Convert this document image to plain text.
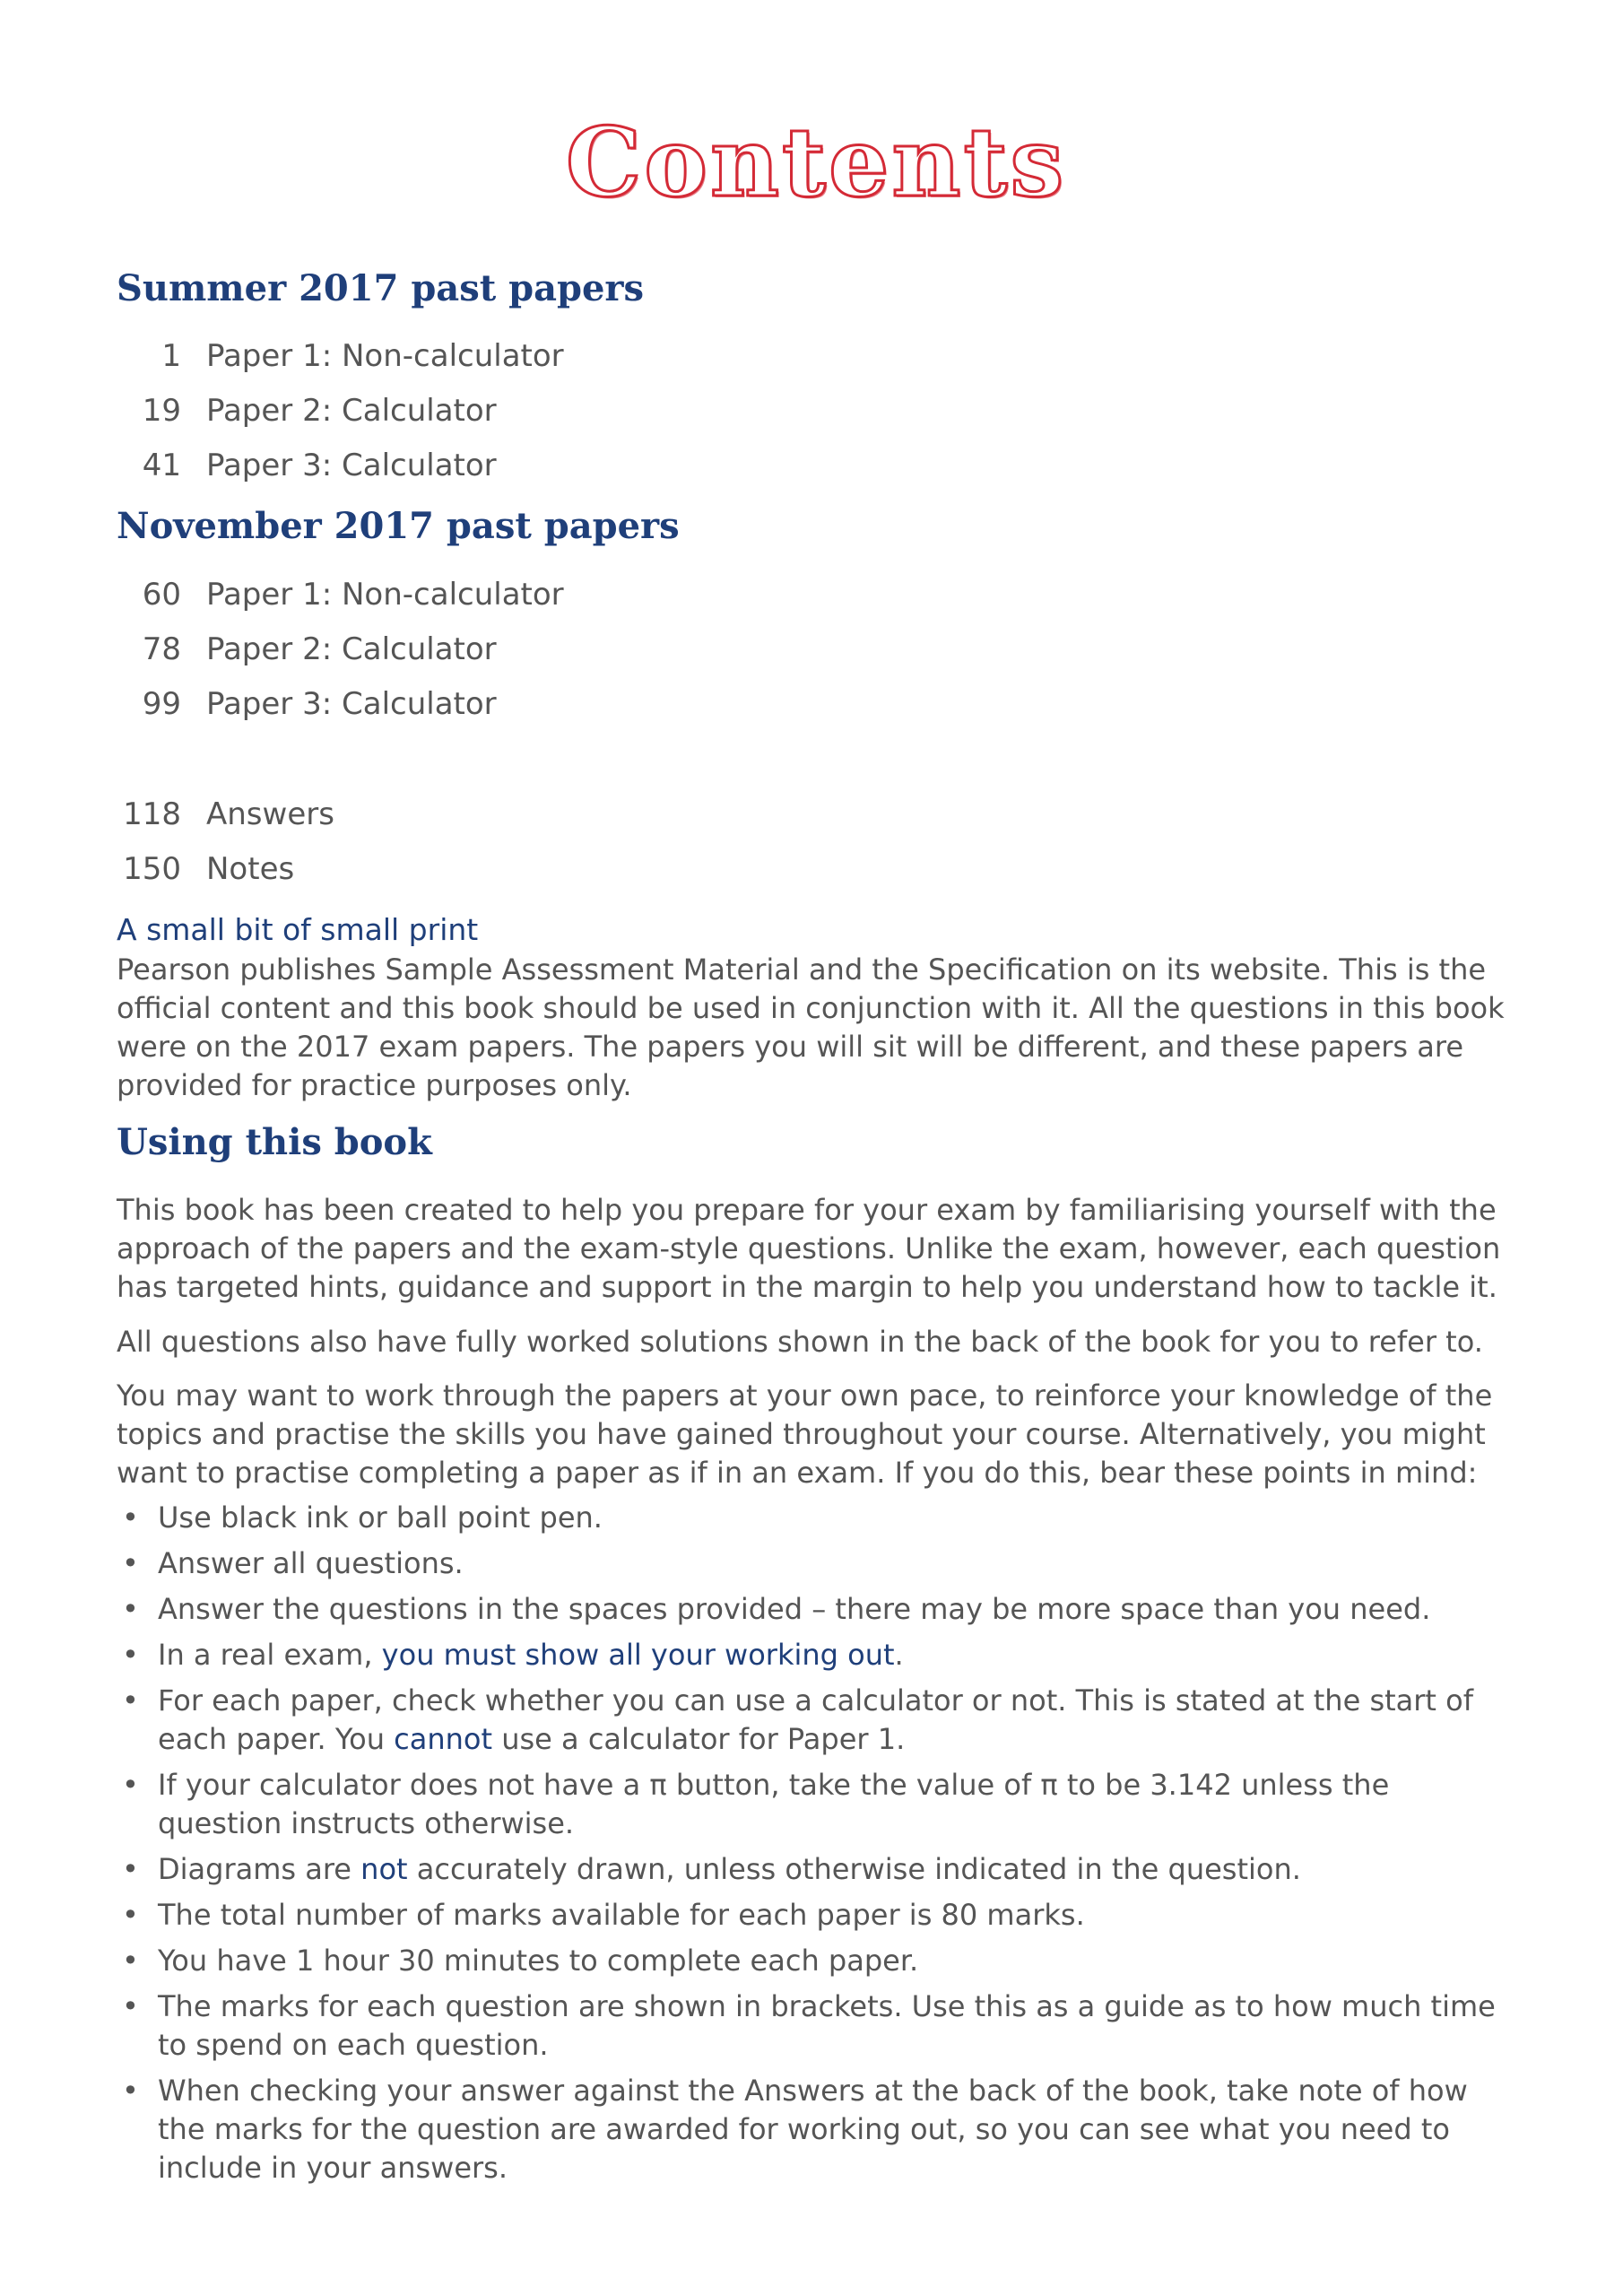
Contents
Summer 2017 past papers
1 Paper 1: Non-calculator
19 Paper 2: Calculator
41 Paper 3: Calculator
November 2017 past papers
60 Paper 1: Non-calculator
78 Paper 2: Calculator
99 Paper 3: Calculator
118 Answers
150 Notes
A small bit of small print
Pearson publishes Sample Assessment Material and the Specification on its website. This is the official content and this book should be used in conjunction with it. All the questions in this book were on the 2017 exam papers. The papers you will sit will be different, and these papers are provided for practice purposes only.
Using this book
This book has been created to help you prepare for your exam by familiarising yourself with the approach of the papers and the exam-style questions. Unlike the exam, however, each question has targeted hints, guidance and support in the margin to help you understand how to tackle it.
All questions also have fully worked solutions shown in the back of the book for you to refer to.
You may want to work through the papers at your own pace, to reinforce your knowledge of the topics and practise the skills you have gained throughout your course. Alternatively, you might want to practise completing a paper as if in an exam. If you do this, bear these points in mind:
• Use black ink or ball point pen.
• Answer all questions.
• Answer the questions in the spaces provided – there may be more space than you need.
• In a real exam, you must show all your working out.
• For each paper, check whether you can use a calculator or not. This is stated at the start of each paper. You cannot use a calculator for Paper 1.
• If your calculator does not have a π button, take the value of π to be 3.142 unless the question instructs otherwise.
• Diagrams are not accurately drawn, unless otherwise indicated in the question.
• The total number of marks available for each paper is 80 marks.
• You have 1 hour 30 minutes to complete each paper.
• The marks for each question are shown in brackets. Use this as a guide as to how much time to spend on each question.
• When checking your answer against the Answers at the back of the book, take note of how the marks for the question are awarded for working out, so you can see what you need to include in your answers.
